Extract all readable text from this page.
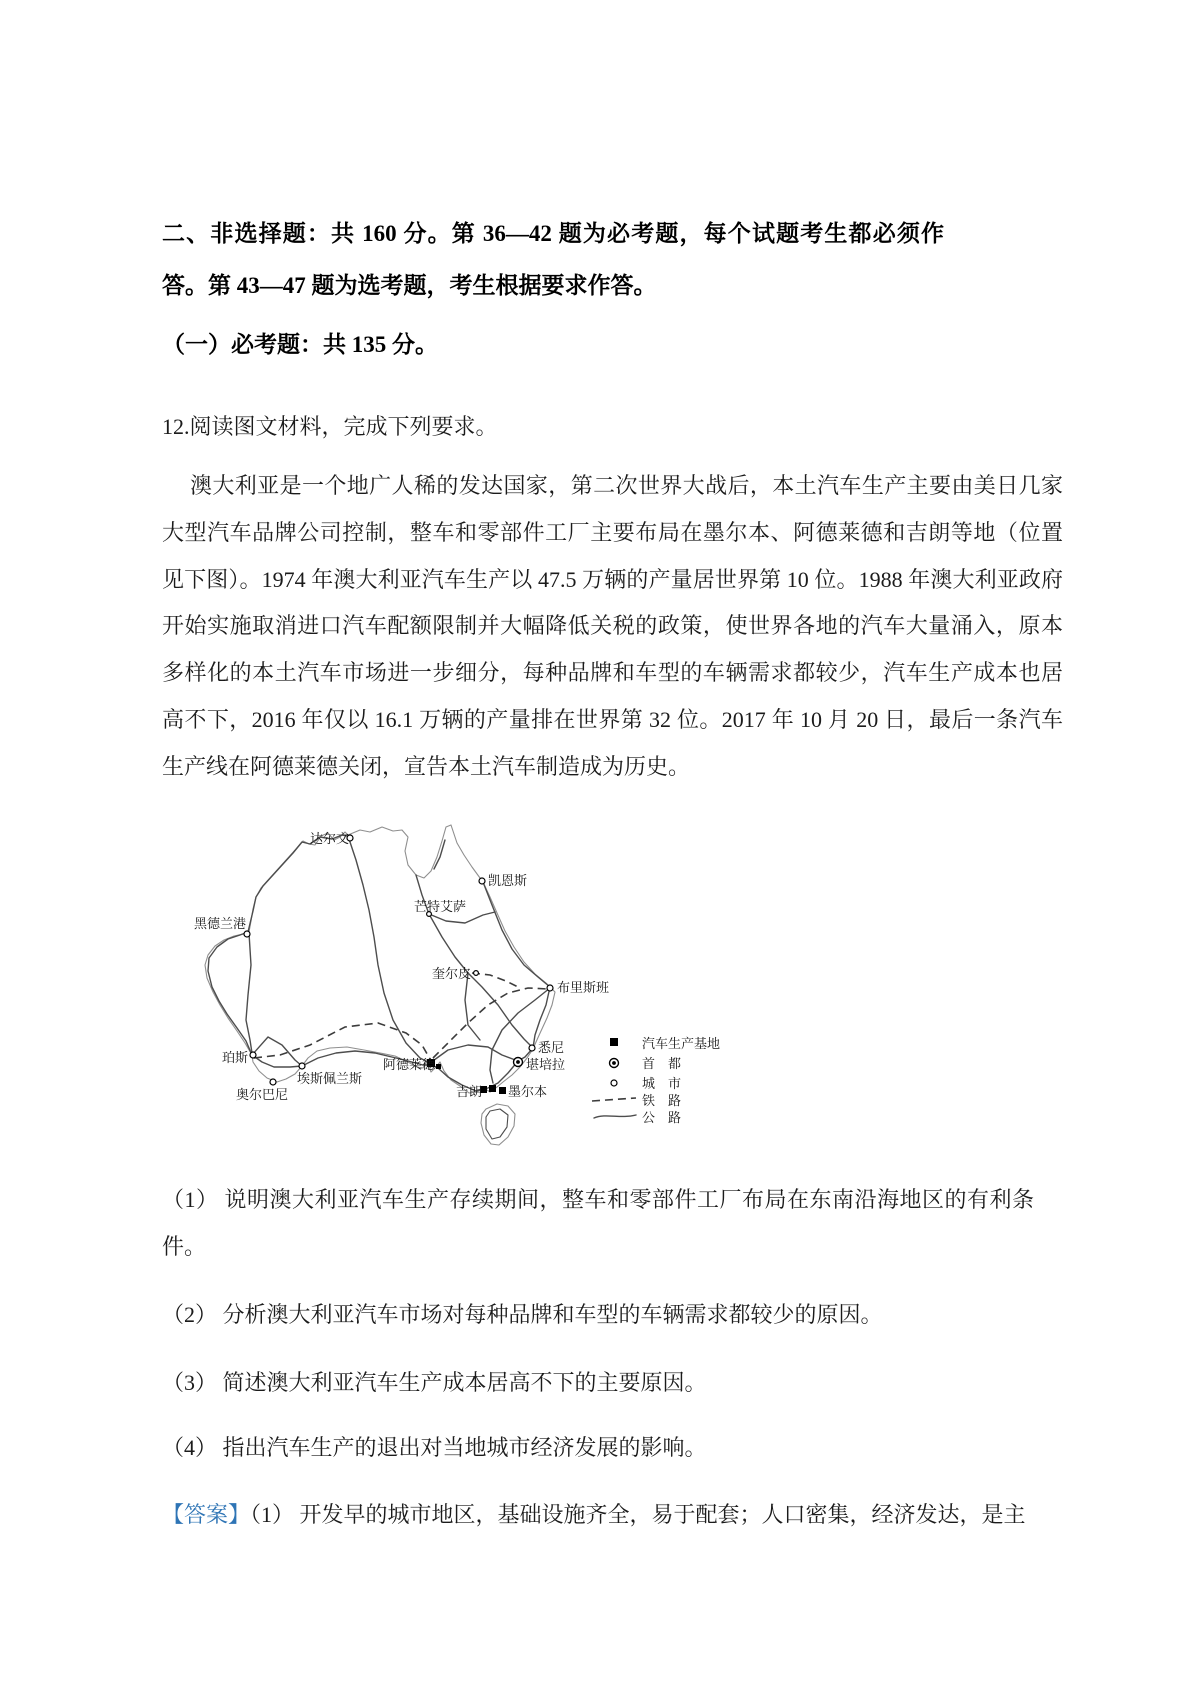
二、非选择题：共 160 分。第 36—42 题为必考题，每个试题考生都必须作答。第 43—47 题为选考题，考生根据要求作答。

（一）必考题：共 135 分。

12.阅读图文材料，完成下列要求。

澳大利亚是一个地广人稀的发达国家，第二次世界大战后，本土汽车生产主要由美日几家大型汽车品牌公司控制，整车和零部件工厂主要布局在墨尔本、阿德莱德和吉朗等地（位置见下图）。1974 年澳大利亚汽车生产以 47.5 万辆的产量居世界第 10 位。1988 年澳大利亚政府开始实施取消进口汽车配额限制并大幅降低关税的政策，使世界各地的汽车大量涌入，原本多样化的本土汽车市场进一步细分，每种品牌和车型的车辆需求都较少，汽车生产成本也居高不下，2016 年仅以 16.1 万辆的产量排在世界第 32 位。2017 年 10 月 20 日，最后一条汽车生产线在阿德莱德关闭，宣告本土汽车制造成为历史。

达尔文
凯恩斯
芒特艾萨
黑德兰港
奎尔皮
布里斯班
悉尼
珀斯	阿德莱德
埃斯佩兰斯
奥尔巴尼
堪培拉
吉朗 墨尔本
汽车生产基地
首　都
城　市
铁　路
公　路

（1） 说明澳大利亚汽车生产存续期间，整车和零部件工厂布局在东南沿海地区的有利条件。

（2） 分析澳大利亚汽车市场对每种品牌和车型的车辆需求都较少的原因。

（3） 简述澳大利亚汽车生产成本居高不下的主要原因。

（4） 指出汽车生产的退出对当地城市经济发展的影响。

【答案】（1） 开发早的城市地区，基础设施齐全，易于配套；人口密集，经济发达，是主
